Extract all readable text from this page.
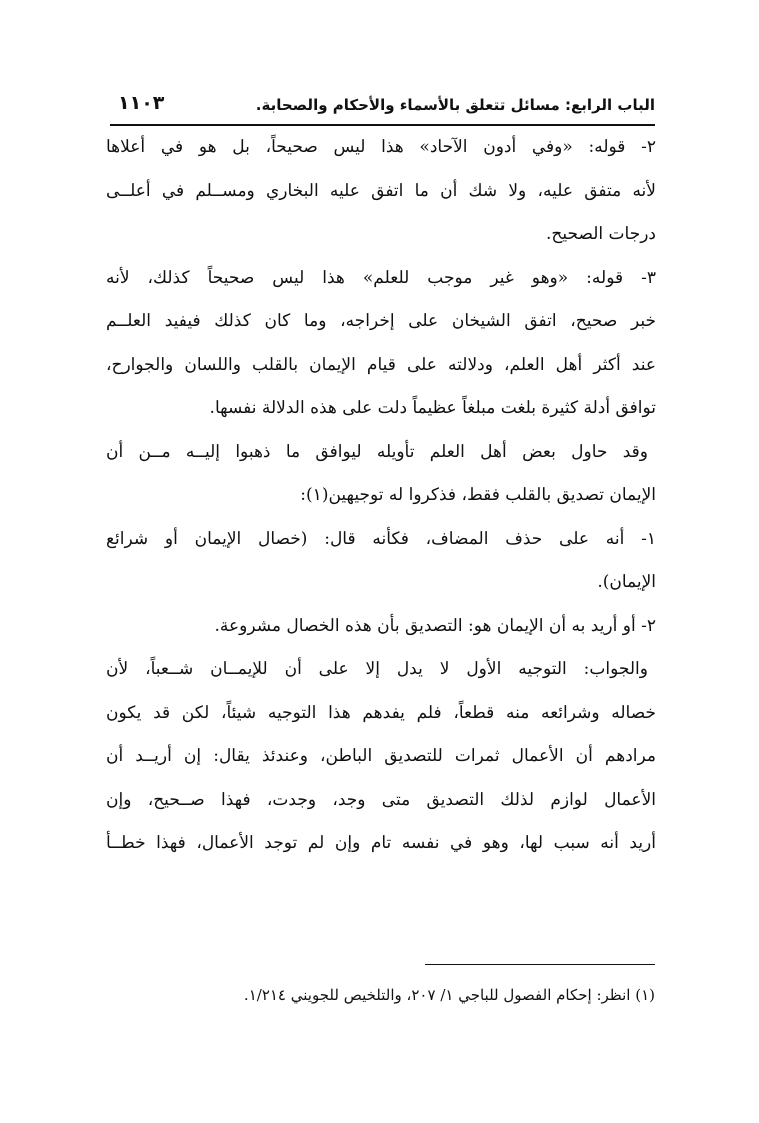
الباب الرابع: مسائل تتعلق بالأسماء والأحكام والصحابة.
١١٠٣
٢- قوله: «وفي أدون الآحاد» هذا ليس صحيحاً، بل هو في أعلاها
لأنه متفق عليه، ولا شك أن ما اتفق عليه البخاري ومســلم في أعلــى
درجات الصحيح.
٣- قوله: «وهو غير موجب للعلم» هذا ليس صحيحاً كذلك، لأنه
خبر صحيح، اتفق الشيخان على إخراجه، وما كان كذلك فيفيد العلــم
عند أكثر أهل العلم، ودلالته على قيام الإيمان بالقلب واللسان والجوارح،
توافق أدلة كثيرة بلغت مبلغاً عظيماً دلت على هذه الدلالة نفسها.
وقد حاول بعض أهل العلم تأويله ليوافق ما ذهبوا إليــه مــن أن
الإيمان تصديق بالقلب فقط، فذكروا له توجيهين(١):
١- أنه على حذف المضاف، فكأنه قال: (خصال الإيمان أو شرائع
الإيمان).
٢- أو أريد به أن الإيمان هو: التصديق بأن هذه الخصال مشروعة.
والجواب: التوجيه الأول لا يدل إلا على أن للإيمــان شــعباً، لأن
خصاله وشرائعه منه قطعاً، فلم يفدهم هذا التوجيه شيئاً، لكن قد يكون
مرادهم أن الأعمال ثمرات للتصديق الباطن، وعندئذ يقال: إن أريــد أن
الأعمال لوازم لذلك التصديق متى وجد، وجدت، فهذا صــحيح، وإن
أريد أنه سبب لها، وهو في نفسه تام وإن لم توجد الأعمال، فهذا خطــأ
(١) انظر: إحكام الفصول للباجي ١/ ٢٠٧، والتلخيص للجويني ١/٢١٤.
